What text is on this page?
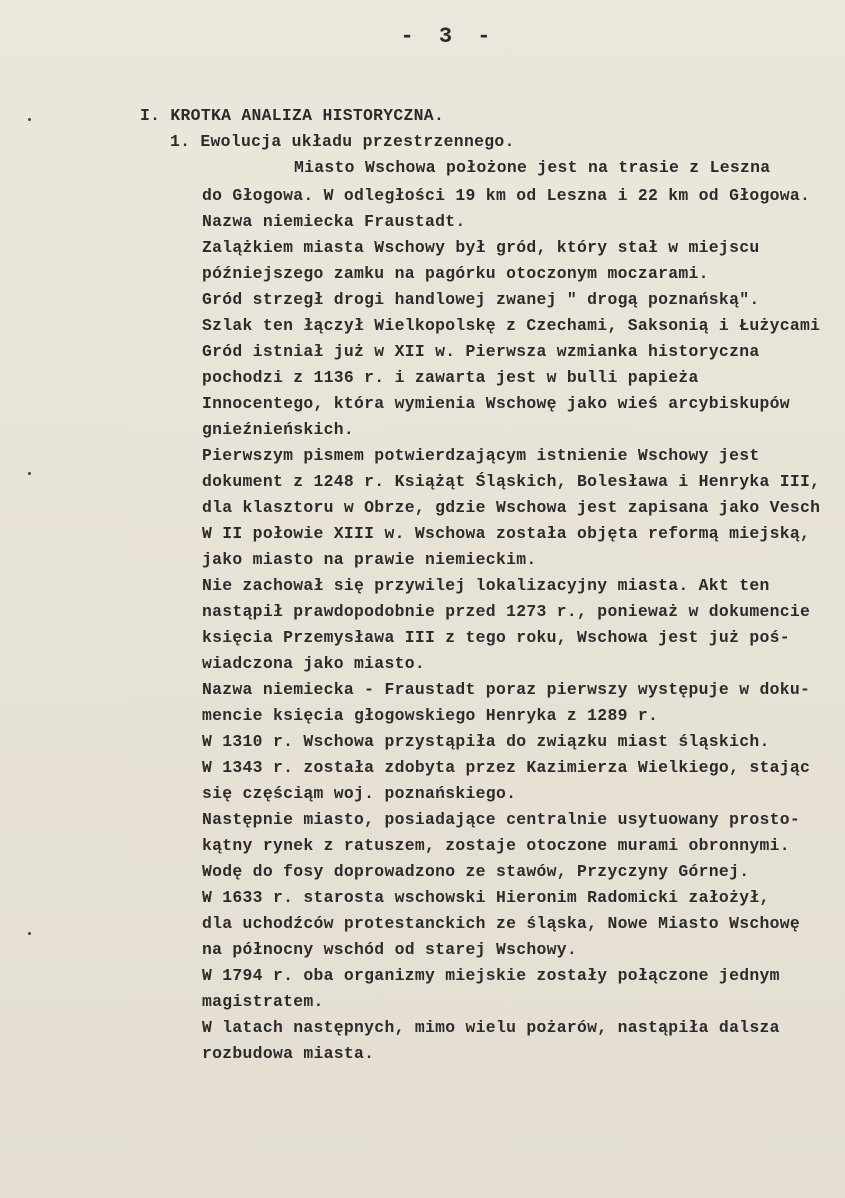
- 3 -
I. KROTKA ANALIZA HISTORYCZNA.
1. Ewolucja układu przestrzennego.
Miasto Wschowa położone jest na trasie z Leszna
do Głogowa. W odległości 19 km od Leszna i 22 km od Głogowa.
Nazwa niemiecka Fraustadt.
Zalążkiem miasta Wschowy był gród, który stał w miejscu
późniejszego zamku na pagórku otoczonym moczarami.
Gród strzegł drogi handlowej zwanej " drogą poznańską".
Szlak ten łączył Wielkopolskę z Czechami, Saksonią i Łużycami
Gród istniał już w XII w. Pierwsza wzmianka historyczna
pochodzi z 1136 r. i zawarta jest w bulli papieża
Innocentego, która wymienia Wschowę jako wieś arcybiskupów
gnieźnieńskich.
Pierwszym pismem potwierdzającym istnienie Wschowy jest
dokument z 1248 r. Książąt Śląskich, Bolesława i Henryka III,
dla klasztoru w Obrze, gdzie Wschowa jest zapisana jako Vesch
W II połowie XIII w. Wschowa została objęta reformą miejską,
jako miasto na prawie niemieckim.
Nie zachował się przywilej lokalizacyjny miasta. Akt ten
nastąpił prawdopodobnie przed 1273 r., ponieważ w dokumencie
księcia Przemysława III z tego roku, Wschowa jest już poś-
wiadczona jako miasto.
Nazwa niemiecka - Fraustadt poraz pierwszy występuje w doku-
mencie księcia głogowskiego Henryka z 1289 r.
W 1310 r. Wschowa przystąpiła do związku miast śląskich.
W 1343 r. została zdobyta przez Kazimierza Wielkiego, stając
się częściąm woj. poznańskiego.
Następnie miasto, posiadające centralnie usytuowany prosto-
kątny rynek z ratuszem, zostaje otoczone murami obronnymi.
Wodę do fosy doprowadzono ze stawów, Przyczyny Górnej.
W 1633 r. starosta wschowski Hieronim Radomicki założył,
dla uchodźców protestanckich ze śląska, Nowe Miasto Wschowę
na północny wschód od starej Wschowy.
W 1794 r. oba organizmy miejskie zostały połączone jednym
magistratem.
W latach następnych, mimo wielu pożarów, nastąpiła dalsza
rozbudowa miasta.
